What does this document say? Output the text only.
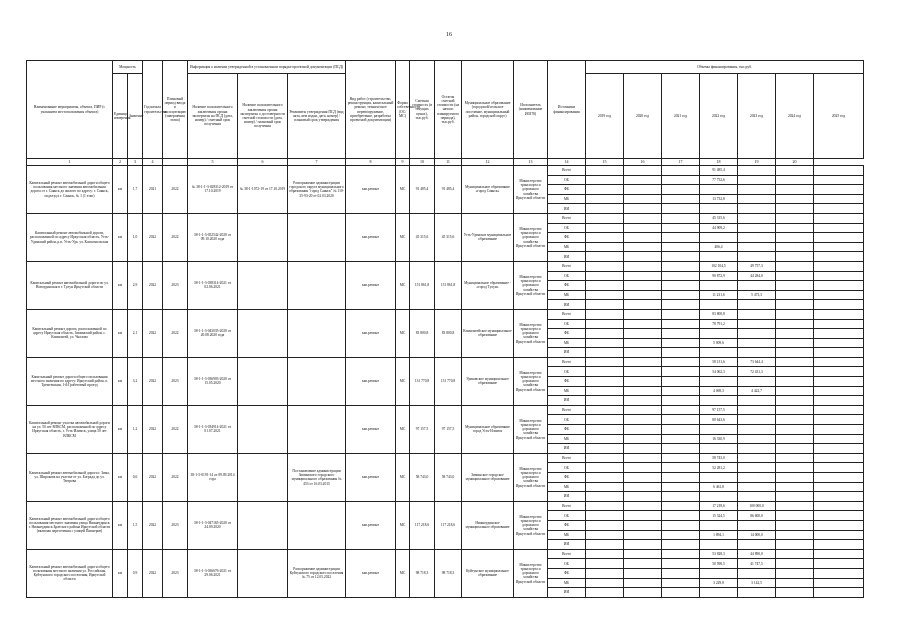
16
Наименование мероприятия, объекта, ПИР (с указанием местоположения объекта)	Мощность		Год начала строительства	Плановый период ввода в эксплуатацию (завершения этапа)	Информация о наличии утвержденной в установленном порядке проектной документации (ПСД)			Вид работ (строительство, реконструкция, капитальный ремонт, техническое перевооружение, приобретение, разработка проектной документации)	Форма собственности (ОС/МС)	Сметная стоимость (в текущих ценах), тыс.руб.	Остаток сметной стоимости (на начало планируемого периода), тыс.руб.	Муниципальное образование (городской/сельское поселение, муниципальный район, городской округ)	Исполнитель (наименование ИОГВ)	Источники финансирования	Объемы финансирования, тыс.руб.						
	Единица измерения	Значение			Наличие положительного заключения органа экспертизы на ПСД (дата, номер) / сметный срок получения	Наличие положительного заключения органа экспертизы о достоверности сметной стоимости (дата, номер) / плановый срок получения	Реквизиты утверждения ПСД (вид акта, кем издан, дата, номер) / плановый срок утверждения								2019 год	2020 год	2021 год	2022 год	2023 год	2024 год	2025 год
1	2	3	4		5	6	7	8	9	10	11	12	13	14	15	16	17	18	19	20	
Капитальный ремонт автомобильной дороги общего пользования местного значения автомобильная дорога от г. Саянск до жилого по адресу: г. Саянск, подъезд к г. Саянск, № 1 (1 этап)	км	1,7	2021	2022	№ 38-1-1-3-028312-2019 от 17.10.2019	№ 38-1-1072-19 от 17.10.2019	Распоряжение администрации городского округа муниципального образования "город Саянск" № 110-35-93-20 от 02.03.2020	кап.ремонт	МС	91 485,4	91 485,4	Муниципальное образование «город Саянск»	Министерство транспорта и дорожного хозяйства Иркутской области	Всего				91 485,4			
														ОБ				77 752,6			
														ФБ							
														МБ				13 732,8			
														ИИ							
Капитальный ремонт автомобильной дороги, расположенной по адресу Иркутская область, Усть-Удинский район, р.п. Усть-Уда, ул. Комсомольская	км	1,0	2022	2022	38-1-1-3-052542-2020 от 09.10.2020 года			кап.ремонт	МС	45 315,6	45 315,6	Усть-Удинское муниципальное образование	Министерство транспорта и дорожного хозяйства Иркутской области	Всего				45 315,6			
														ОБ				44 909,2			
														ФБ							
														МБ				406,4			
														ИИ							
Капитальный ремонт автомобильной дороги по ул. Новоудинская в г. Тулун Иркутской области	км	2,9	2022	2023	38-1-1-3-038314-2021 от 02.06.2021			кап.ремонт	МС	151 861,8	151 861,8	Муниципальное образование - «город Тулун»	Министерство транспорта и дорожного хозяйства Иркутской области	Всего				102 104,5	49 757,3		
														ОБ				90 872,9	44 284,0		
														ФБ							
														МБ				11 231,6	5 473,3		
														ИИ							
Капитальный ремонт дороги, расположенной по адресу Иркутская область, Зиминский район, с. Кимильтей, ул. Чкалова	км	2,1	2022	2022	38-1-1-3-043035-2020 от 20.08.2020 года			кап.ремонт	МС	83 800,8	83 800,8	Кимильтейское муниципальное образование	Министерство транспорта и дорожного хозяйства Иркутской области	Всего				83 800,8			
														ОБ				78 791,2			
														ФБ							
														МБ				5 009,6			
														ИИ							
Капитальный ремонт дороги общего пользования местного значения по адресу: Иркутский район, п. Тремтешкин, 1-й Грабетовый проезд	км	3,2	2022	2023	38-1-1-3-036903-2020 от 15.05.2020			кап.ремонт	МС	131 770,8	131 770,8	Уриковское муниципальное образование	Министерство транспорта и дорожного хозяйства Иркутской области	Всего				58 131,6	73 644,4		
														ОБ				54 062,3	72 431,3		
														ФБ							
														МБ				4 069,3	4 422,7		
														ИИ							
Капитальный ремонт участка автомобильной дороги на ул. 50 лет ВЛКСМ, расположенной по адресу Иркутская область, г. Усть-Илимск, улица 50 лет ВЛКСМ	км	1,2	2022	2022	38-1-1-3-034914-2021 от 01.07.2021			кап.ремонт	МС	97 157,5	97 157,5	Муниципальное образование город Усть-Илимск	Министерство транспорта и дорожного хозяйства Иркутской области	Всего				97 157,5			
														ОБ				80 643,6			
														ФБ							
														МБ				16 330,9			
														ИИ							
Капитальный ремонт автомобильной дороги г. Зима, ул. Широкова на участке от ул. Бограда до ул. Тютрова	км	0,6	2022	2022	38-1-5-0191-14 от 09.09.2014 года		Постановление администрации Зиминского городского муниципального образования № 453 от 16.03.2015	кап.ремонт	МС	58 743,0	58 743,0	Зиминское городское муниципальное образование	Министерство транспорта и дорожного хозяйства Иркутской области	Всего				58 743,0			
														ОБ				52 281,2			
														ФБ							
														МБ				6 461,8			
														ИИ							
Капитальный ремонт автомобильной дороги общего пользования местного значения улица Нижнеудинск г. Нижнеудинск Братского района Иркутской области (включая пересечения с улицей Пионеров)	км	1,5	2022	2023	38-1-1-3-047165-2020 от 24.09.2020			кап.ремонт	МС	117 218,6	117 218,6	Нижнеудинское муниципальное образование	Министерство транспорта и дорожного хозяйства Иркутской области	Всего				17 218,6	100 000,0		
														ОБ				15 324,5	86 600,0		
														ФБ							
														МБ				1 894,1	14 000,0		
														ИИ							
Капитальный ремонт автомобильной дороги общего пользования местного значения ул. Российская, Куйтунского городского поселения, Иркутской области	км	0,9	2022	2023	38-1-1-3-036676-2021 от 29.06.2021		Распоряжение администрации Куйтунского городского поселения № 75 от 12.05.2022	кап.ремонт	МС	98 718,3	98 718,3	Куйтунское муниципальное образование	Министерство транспорта и дорожного хозяйства Иркутской области	Всего				53 828,3	44 890,0		
														ОБ				50 598,5	41 747,5		
														ФБ							
														МБ				3 229,8	3 142,5		
														ИИ							
